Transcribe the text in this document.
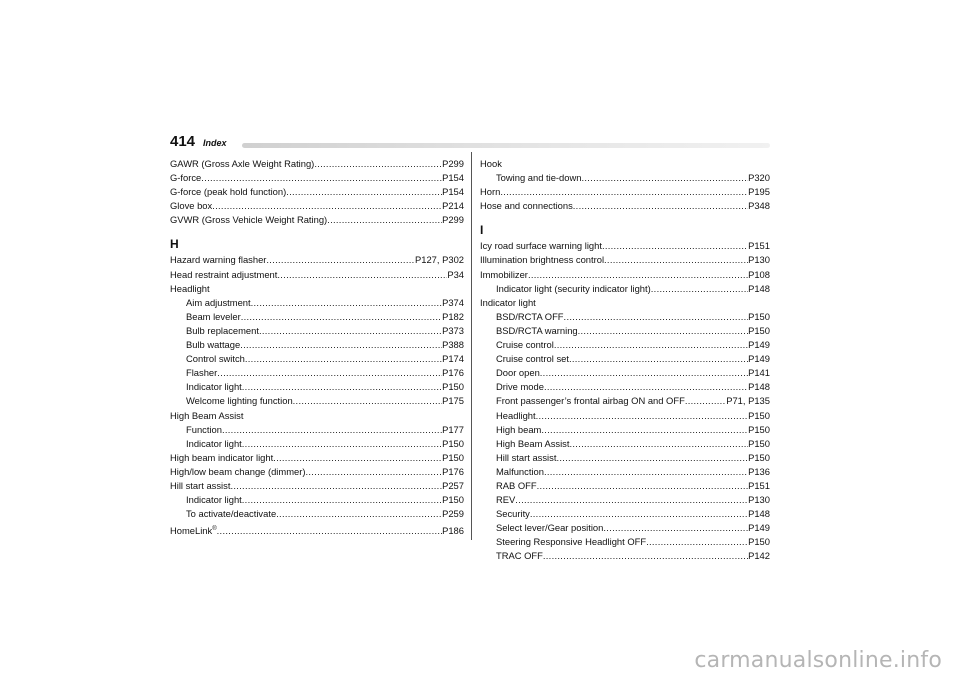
414 Index
GAWR (Gross Axle Weight Rating) .....	P299
G-force .....	P154
G-force (peak hold function) .....	P154
Glove box .....	P214
GVWR (Gross Vehicle Weight Rating) .....	P299
H
Hazard warning flasher .....	P127, P302
Head restraint adjustment .....	P34
Headlight
Aim adjustment .....	P374
Beam leveler .....	P182
Bulb replacement .....	P373
Bulb wattage .....	P388
Control switch .....	P174
Flasher .....	P176
Indicator light .....	P150
Welcome lighting function .....	P175
High Beam Assist
Function .....	P177
Indicator light .....	P150
High beam indicator light .....	P150
High/low beam change (dimmer) .....	P176
Hill start assist .....	P257
Indicator light .....	P150
To activate/deactivate .....	P259
HomeLink® .....	P186
Hook
Towing and tie-down .....	P320
Horn .....	P195
Hose and connections .....	P348
I
Icy road surface warning light .....	P151
Illumination brightness control .....	P130
Immobilizer .....	P108
Indicator light (security indicator light) .....	P148
Indicator light
BSD/RCTA OFF .....	P150
BSD/RCTA warning .....	P150
Cruise control .....	P149
Cruise control set .....	P149
Door open .....	P141
Drive mode .....	P148
Front passenger’s frontal airbag ON and OFF .....	P71, P135
Headlight .....	P150
High beam .....	P150
High Beam Assist .....	P150
Hill start assist .....	P150
Malfunction .....	P136
RAB OFF .....	P151
REV .....	P130
Security .....	P148
Select lever/Gear position .....	P149
Steering Responsive Headlight OFF .....	P150
TRAC OFF .....	P142
carmanualsonline.info
